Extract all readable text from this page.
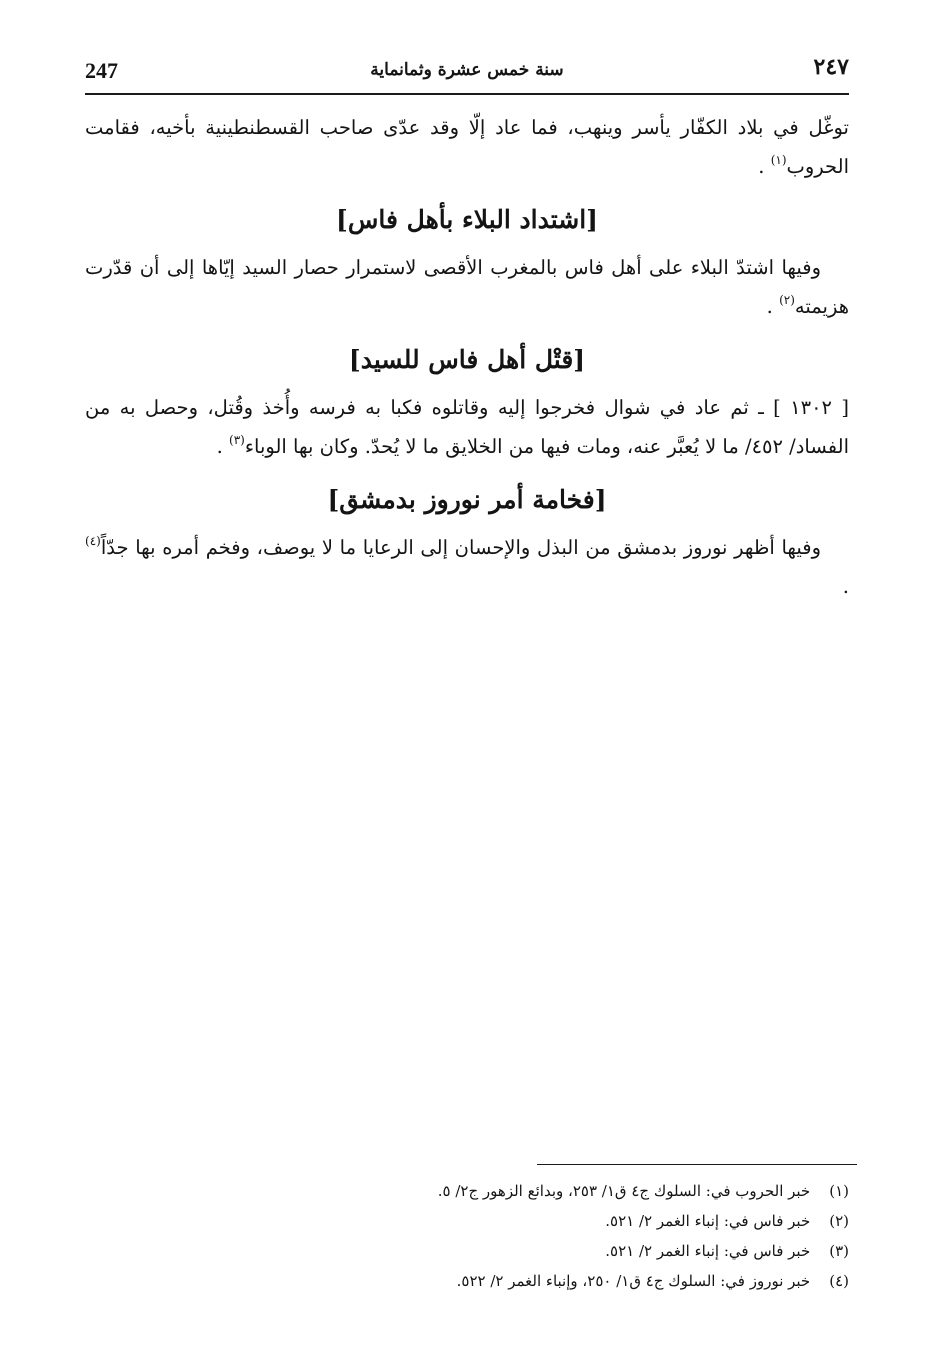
247	سنة خمس عشرة وثمانماية	٢٤٧

توغّل في بلاد الكفّار يأسر وينهب، فما عاد إلّا وقد عدّى صاحب القسطنطينية بأخيه، فقامت الحروب$^{(١)}$ .

[اشتداد البلاء بأهل فاس]

وفيها اشتدّ البلاء على أهل فاس بالمغرب الأقصى لاستمرار حصار السيد إيّاها إلى أن قدّرت هزيمته$^{(٢)}$ .

[قتْل أهل فاس للسيد]

[ ١٣٠٢ ] ـ ثم عاد في شوال فخرجوا إليه وقاتلوه فكبا به فرسه وأُخذ وقُتل، وحصل به من الفساد/ ٤٥٢/ ما لا يُعبَّر عنه، ومات فيها من الخلايق ما لا يُحدّ. وكان بها الوباء$^{(٣)}$ .

[فخامة أمر نوروز بدمشق]

وفيها أظهر نوروز بدمشق من البذل والإحسان إلى الرعايا ما لا يوصف، وفخم أمره بها جدّاً$^{(٤)}$ .

(١) خبر الحروب في: السلوك ج٤ ق١/ ٢٥٣، وبدائع الزهور ج٢/ ٥.
(٢) خبر فاس في: إنباء الغمر ٢/ ٥٢١.
(٣) خبر فاس في: إنباء الغمر ٢/ ٥٢١.
(٤) خبر نوروز في: السلوك ج٤ ق١/ ٢٥٠، وإنباء الغمر ٢/ ٥٢٢.
